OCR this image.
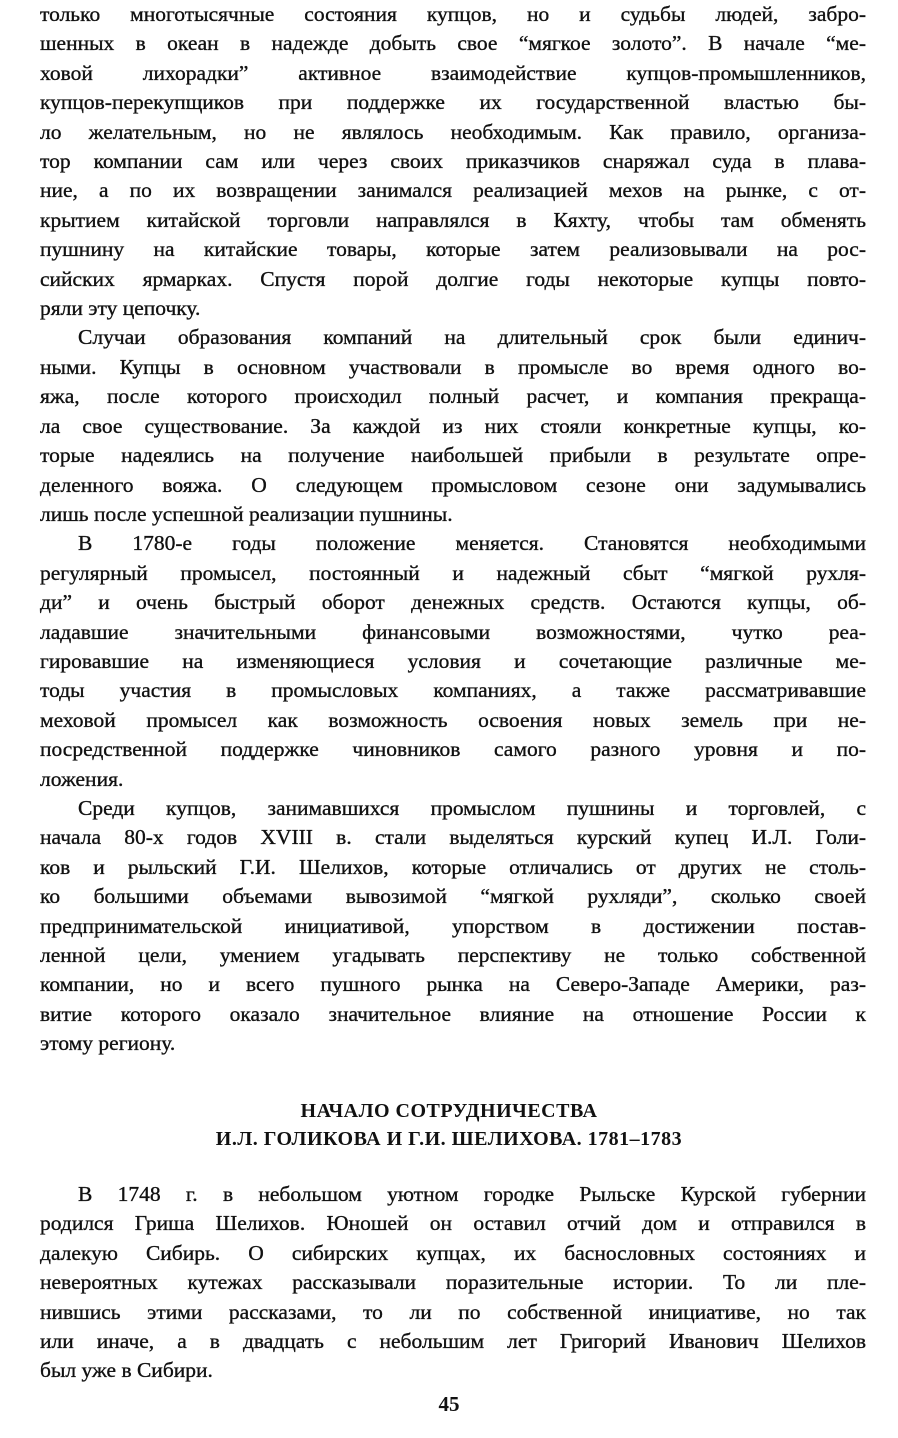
только многотысячные состояния купцов, но и судьбы людей, забро-
шенных в океан в надежде добыть свое “мягкое золото”. В начале “ме-
ховой лихорадки” активное взаимодействие купцов-промышленников,
купцов-перекупщиков при поддержке их государственной властью бы-
ло желательным, но не являлось необходимым. Как правило, организа-
тор компании сам или через своих приказчиков снаряжал суда в плава-
ние, а по их возвращении занимался реализацией мехов на рынке, с от-
крытием китайской торговли направлялся в Кяхту, чтобы там обменять
пушнину на китайские товары, которые затем реализовывали на рос-
сийских ярмарках. Спустя порой долгие годы некоторые купцы повто-
ряли эту цепочку.
Случаи образования компаний на длительный срок были единич-
ными. Купцы в основном участвовали в промысле во время одного во-
яжа, после которого происходил полный расчет, и компания прекраща-
ла свое существование. За каждой из них стояли конкретные купцы, ко-
торые надеялись на получение наибольшей прибыли в результате опре-
деленного вояжа. О следующем промысловом сезоне они задумывались
лишь после успешной реализации пушнины.
В 1780-е годы положение меняется. Становятся необходимыми
регулярный промысел, постоянный и надежный сбыт “мягкой рухля-
ди” и очень быстрый оборот денежных средств. Остаются купцы, об-
ладавшие значительными финансовыми возможностями, чутко реа-
гировавшие на изменяющиеся условия и сочетающие различные ме-
тоды участия в промысловых компаниях, а также рассматривавшие
меховой промысел как возможность освоения новых земель при не-
посредственной поддержке чиновников самого разного уровня и по-
ложения.
Среди купцов, занимавшихся промыслом пушнины и торговлей, с
начала 80-х годов XVIII в. стали выделяться курский купец И.Л. Голи-
ков и рыльский Г.И. Шелихов, которые отличались от других не столь-
ко большими объемами вывозимой “мягкой рухляди”, сколько своей
предпринимательской инициативой, упорством в достижении постав-
ленной цели, умением угадывать перспективу не только собственной
компании, но и всего пушного рынка на Северо-Западе Америки, раз-
витие которого оказало значительное влияние на отношение России к
этому региону.
НАЧАЛО СОТРУДНИЧЕСТВА
И.Л. ГОЛИКОВА И Г.И. ШЕЛИХОВА. 1781–1783
В 1748 г. в небольшом уютном городке Рыльске Курской губернии
родился Гриша Шелихов. Юношей он оставил отчий дом и отправился в
далекую Сибирь. О сибирских купцах, их баснословных состояниях и
невероятных кутежах рассказывали поразительные истории. То ли пле-
нившись этими рассказами, то ли по собственной инициативе, но так
или иначе, а в двадцать с небольшим лет Григорий Иванович Шелихов
был уже в Сибири.
45
